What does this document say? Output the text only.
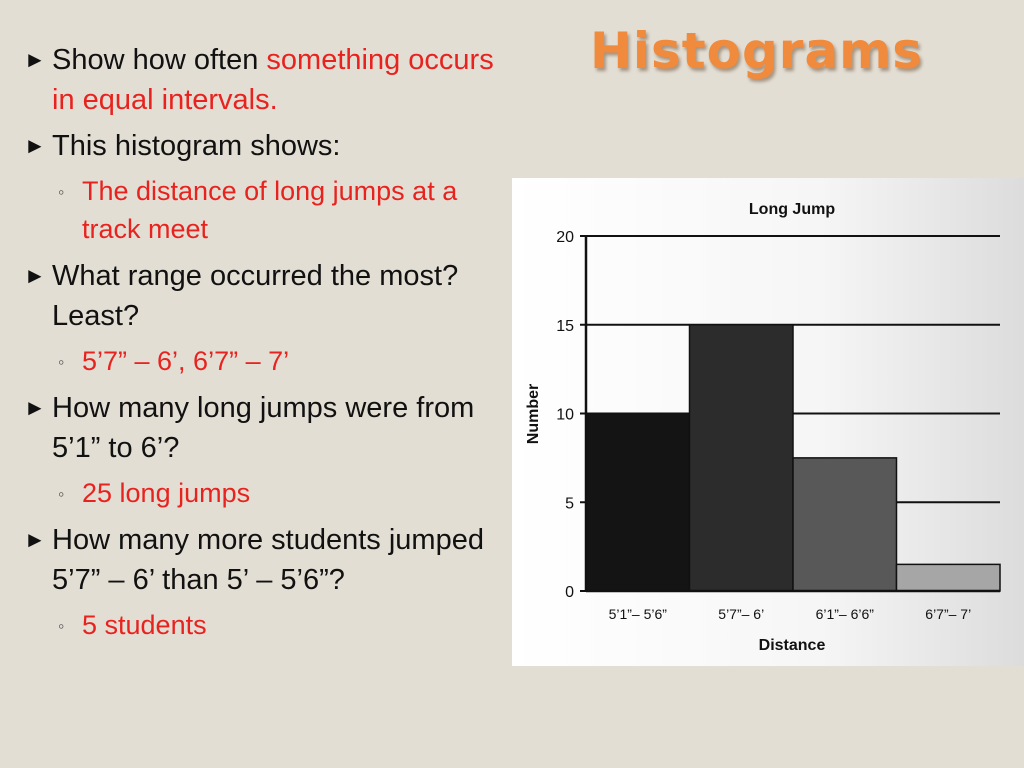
Histograms
► Show how often something occurs in equal intervals.
► This histogram shows:
◦ The distance of long jumps at a track meet
► What range occurred the most? Least?
◦ 5’7” – 6’, 6’7” – 7’
► How many long jumps were from 5’1” to 6’?
◦ 25 long jumps
► How many more students jumped 5’7” – 6’ than 5’ – 5’6”?
◦ 5 students
Long Jump
0
5
10
15
20
5’1”– 5’6”	5’7”– 6’	6’1”– 6’6”	6’7”– 7’
Distance
Number
